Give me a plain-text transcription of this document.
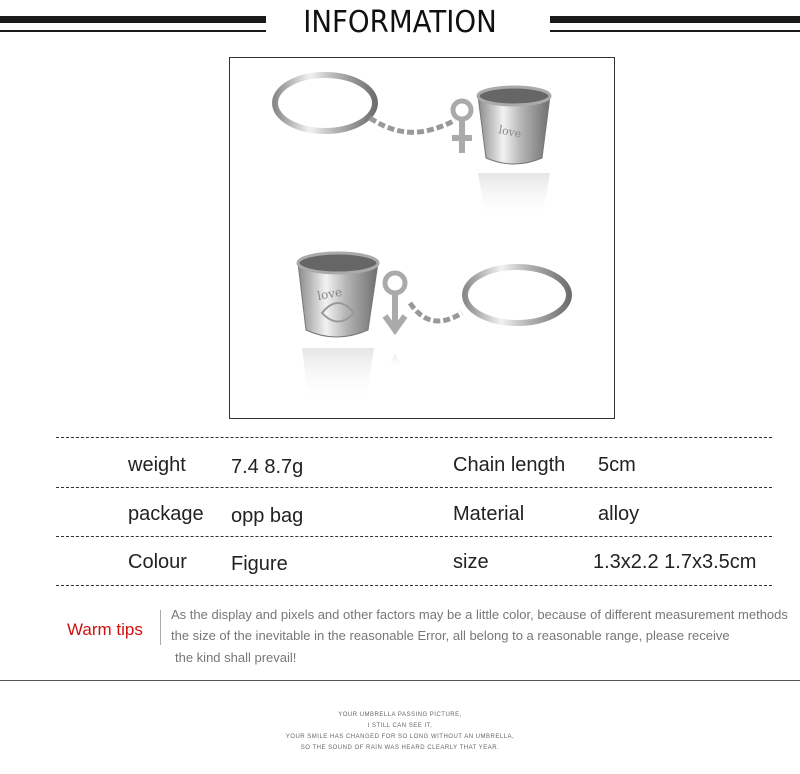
INFORMATION
love
love
weight 7.4 8.7g	Chain length 5cm
package opp bag	Material	alloy
Colour Figure	size	1.3x2.2 1.7x3.5cm
Warm tips
As the display and pixels and other factors may be a little color, because of different measurement methods
the size of the inevitable in the reasonable Error, all belong to a reasonable range, please receive
the kind shall prevail!
YOUR UMBRELLA PASSING PICTURE,
I STILL CAN SEE IT,
YOUR SMILE HAS CHANGED FOR SO LONG WITHOUT AN UMBRELLA,
SO THE SOUND OF RAIN WAS HEARD CLEARLY THAT YEAR.
